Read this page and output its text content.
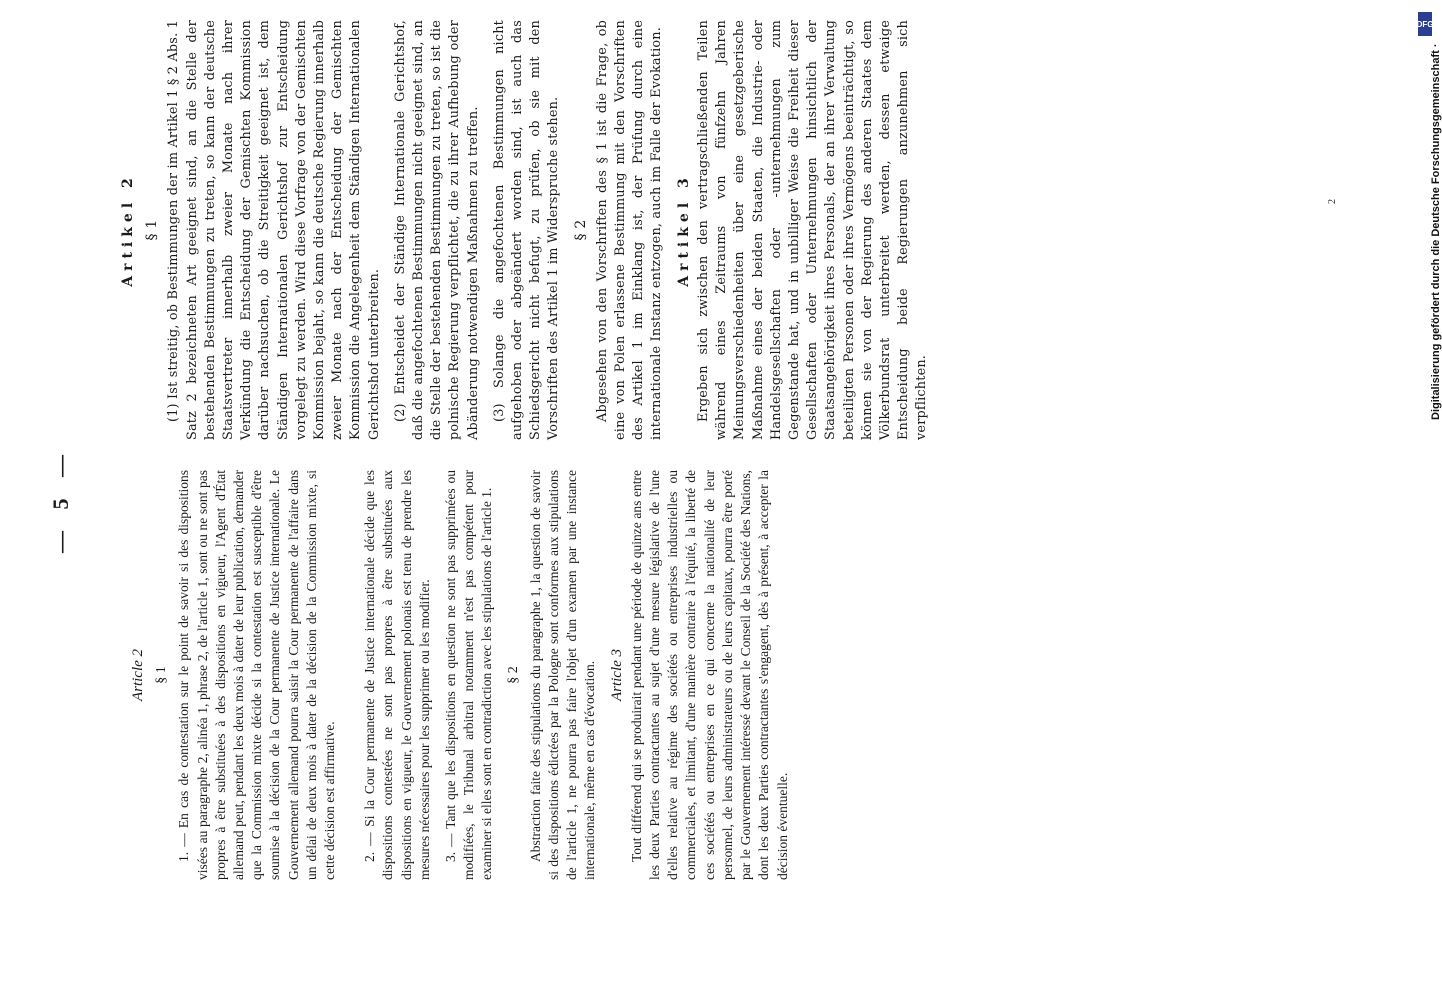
— 5 —
Article 2 § 1 1. — En cas de contestation sur le point de savoir si des dispositions visées au paragraphe 2, alinéa 1, phrase 2, de l'article 1, sont ou ne sont pas propres à être substituées à des dispositions en vigueur, l'Agent d'État allemand peut, pendant les deux mois à dater de leur publication, demander que la Commission mixte décide si la contestation est susceptible d'être soumise à la décision de la Cour permanente de Justice internationale. Le Gouvernement allemand pourra saisir la Cour permanente de l'affaire dans un délai de deux mois à dater de la décision de la Commission mixte, si cette décision est affirmative. 2. — Si la Cour permanente de Justice internationale décide que les dispositions contestées ne sont pas propres à être substituées aux dispositions en vigueur, le Gouvernement polonais est tenu de prendre les mesures nécessaires pour les supprimer ou les modifier. 3. — Tant que les dispositions en question ne sont pas supprimées ou modifiées, le Tribunal arbitral notamment n'est pas compétent pour examiner si elles sont en contradiction avec les stipulations de l'article 1. § 2 Abstraction faite des stipulations du paragraphe 1, la question de savoir si des dispositions édictées par la Pologne sont conformes aux stipulations de l'article 1, ne pourra pas faire l'objet d'un examen par une instance internationale, même en cas d'évocation. Article 3 Tout différend qui se produirait pendant une période de quinze ans entre les deux Parties contractantes au sujet d'une mesure législative de l'une d'elles relative au régime des sociétés ou entreprises industrielles ou commerciales, et limitant, d'une manière contraire à l'équité, la liberté de ces sociétés ou entreprises en ce qui concerne la nationalité de leur personnel, de leurs administrateurs ou de leurs capitaux, pourra être porté par le Gouvernement intéressé devant le Conseil de la Société des Nations, dont les deux Parties contractantes s'engagent, dès à présent, à accepter la décision éventuelle.

Artikel 2 § 1 (1) Ist streitig, ob Bestimmungen der im Artikel 1 § 2 Abs. 1 Satz 2 bezeichneten Art geeignet sind, an die Stelle der bestehenden Bestimmungen zu treten, so kann der deutsche Staatsvertreter innerhalb zweier Monate nach ihrer Verkündung die Entscheidung der Gemischten Kommission darüber nachsuchen, ob die Streitigkeit geeignet ist, dem Ständigen Internationalen Gerichtshof zur Entscheidung vorgelegt zu werden. Wird diese Vorfrage von der Gemischten Kommission bejaht, so kann die deutsche Regierung innerhalb zweier Monate nach der Entscheidung der Gemischten Kommission die Angelegenheit dem Ständigen Internationalen Gerichtshof unterbreiten. (2) Entscheidet der Ständige Internationale Gerichtshof, daß die angefochtenen Bestimmungen nicht geeignet sind, an die Stelle der bestehenden Bestimmungen zu treten, so ist die polnische Regierung verpflichtet, die zu ihrer Aufhebung oder Abänderung notwendigen Maßnahmen zu treffen. (3) Solange die angefochtenen Bestimmungen nicht aufgehoben oder abgeändert worden sind, ist auch das Schiedsgericht nicht befugt, zu prüfen, ob sie mit den Vorschriften des Artikel 1 im Widerspruche stehen. § 2 Abgesehen von den Vorschriften des § 1 ist die Frage, ob eine von Polen erlassene Bestimmung mit den Vorschriften des Artikel 1 im Einklang ist, der Prüfung durch eine internationale Instanz entzogen, auch im Falle der Evokation. Artikel 3 Ergeben sich zwischen den vertragschließenden Teilen während eines Zeitraums von fünfzehn Jahren Meinungsverschiedenheiten über eine gesetzgeberische Maßnahme eines der beiden Staaten, die Industrie- oder Handelsgesellschaften oder -unternehmungen zum Gegenstande hat, und in unbilliger Weise die Freiheit dieser Gesellschaften oder Unternehmungen hinsichtlich der Staatsangehörigkeit ihres Personals, der an ihrer Verwaltung beteiligten Personen oder ihres Vermögens beeinträchtigt, so können sie von der Regierung des anderen Staates dem Völkerbundsrat unterbreitet werden, dessen etwaige Entscheidung beide Regierungen anzunehmen sich verpflichten.

2
DFG
Digitalisierung gefördert durch die Deutsche Forschungsgemeinschaft ·
